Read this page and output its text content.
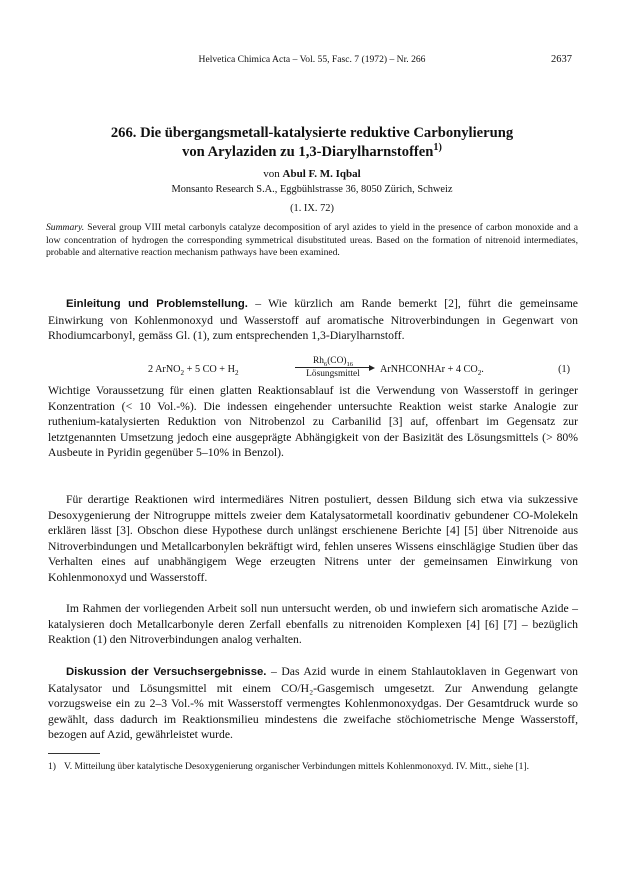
Helvetica Chimica Acta – Vol. 55, Fasc. 7 (1972) – Nr. 266	2637
266. Die übergangsmetall-katalysierte reduktive Carbonylierung
von Arylaziden zu 1,3-Diarylharnstoffen$^{1)}$
von Abul F. M. Iqbal
Monsanto Research S.A., Eggbühlstrasse 36, 8050 Zürich, Schweiz
(1. IX. 72)
Summary. Several group VIII metal carbonyls catalyze decomposition of aryl azides to yield in the presence of carbon monoxide and a low concentration of hydrogen the corresponding symmetrical disubstituted ureas. Based on the formation of nitrenoid intermediates, probable and alternative reaction mechanism pathways have been examined.
Einleitung und Problemstellung. – Wie kürzlich am Rande bemerkt [2], führt die gemeinsame Einwirkung von Kohlenmonoxyd und Wasserstoff auf aromatische Nitroverbindungen in Gegenwart von Rhodiumcarbonyl, gemäss Gl. (1), zum entsprechenden 1,3-Diarylharnstoff.
2 ArNO$_2$ + 5 CO + $H_2$
$Rh_6(CO)_{16}$
Lösungsmittel	ArNHCONHAr + 4 $CO_2$.	(1)
Wichtige Voraussetzung für einen glatten Reaktionsablauf ist die Verwendung von Wasserstoff in geringer Konzentration (< 10 Vol.-%). Die indessen eingehender untersuchte Reaktion weist starke Analogie zur ruthenium-katalysierten Reduktion von Nitrobenzol zu Carbanilid [3] auf, offenbart im Gegensatz zur letztgenannten Umsetzung jedoch eine ausgeprägte Abhängigkeit von der Basizität des Lösungsmittels (> 80% Ausbeute in Pyridin gegenüber 5–10% in Benzol).
Für derartige Reaktionen wird intermediäres Nitren postuliert, dessen Bildung sich etwa via sukzessive Desoxygenierung der Nitrogruppe mittels zweier dem Katalysatormetall koordinativ gebundener CO-Molekeln erklären lässt [3]. Obschon diese Hypothese durch unlängst erschienene Berichte [4] [5] über Nitrenoide aus Nitroverbindungen und Metallcarbonylen bekräftigt wird, fehlen unseres Wissens einschlägige Studien über das Verhalten eines auf unabhängigem Wege erzeugten Nitrens unter der gemeinsamen Einwirkung von Kohlenmonoxyd und Wasserstoff.
Im Rahmen der vorliegenden Arbeit soll nun untersucht werden, ob und inwiefern sich aromatische Azide – katalysieren doch Metallcarbonyle deren Zerfall ebenfalls zu nitrenoiden Komplexen [4] [6] [7] – bezüglich Reaktion (1) den Nitroverbindungen analog verhalten.
Diskussion der Versuchsergebnisse. – Das Azid wurde in einem Stahlautoklaven in Gegenwart von Katalysator und Lösungsmittel mit einem CO/H₂-Gasgemisch umgesetzt. Zur Anwendung gelangte vorzugsweise ein zu 2–3 Vol.-% mit Wasserstoff vermengtes Kohlenmonoxydgas. Der Gesamtdruck wurde so gewählt, dass dadurch im Reaktionsmilieu mindestens die zweifache stöchiometrische Menge Wasserstoff, bezogen auf Azid, gewährleistet wurde.
1) V. Mitteilung über katalytische Desoxygenierung organischer Verbindungen mittels Kohlenmonoxyd. IV. Mitt., siehe [1].
